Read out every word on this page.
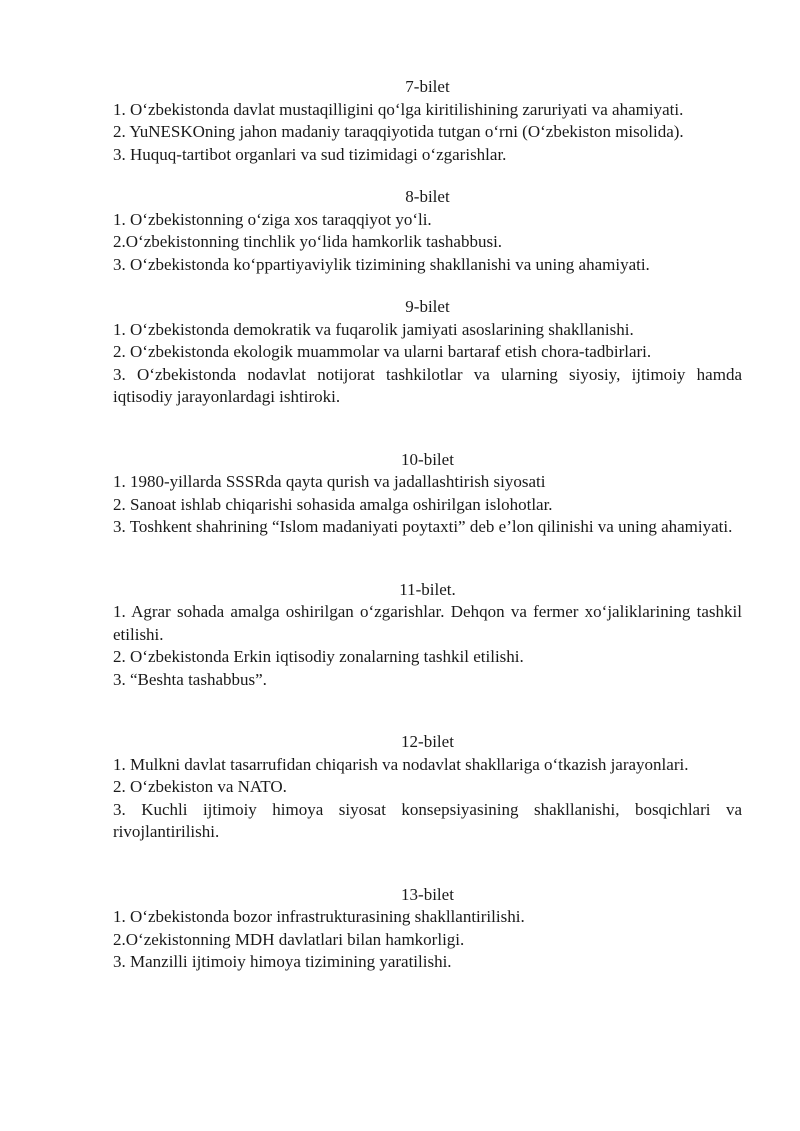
7-bilet

1. O‘zbekistonda davlat mustaqilligini qo‘lga kiritilishining zaruriyati va ahamiyati.

2. YuNESKOning jahon madaniy taraqqiyotida tutgan o‘rni (O‘zbekiston misolida).

3. Huquq-tartibot organlari va sud tizimidagi o‘zgarishlar.

8-bilet

1. O‘zbekistonning o‘ziga xos taraqqiyot yo‘li.

2.O‘zbekistonning tinchlik yo‘lida hamkorlik tashabbusi.

3. O‘zbekistonda ko‘ppartiyaviylik tizimining shakllanishi va uning ahamiyati.

9-bilet

1. O‘zbekistonda demokratik va fuqarolik jamiyati asoslarining shakllanishi.

2. O‘zbekistonda ekologik muammolar va ularni bartaraf etish chora-tadbirlari.

3. O‘zbekistonda nodavlat notijorat tashkilotlar va ularning siyosiy, ijtimoiy hamda iqtisodiy jarayonlardagi ishtiroki.

10-bilet

1. 1980-yillarda SSSRda qayta qurish va jadallashtirish siyosati

2. Sanoat ishlab chiqarishi sohasida amalga oshirilgan islohotlar.

3. Toshkent shahrining “Islom madaniyati poytaxti” deb e’lon qilinishi va uning ahamiyati.

11-bilet.

1. Agrar sohada amalga oshirilgan o‘zgarishlar. Dehqon va fermer xo‘jaliklarining tashkil etilishi.

2. O‘zbekistonda Erkin iqtisodiy zonalarning tashkil etilishi.

3. “Beshta tashabbus”.

12-bilet

1. Mulkni davlat tasarrufidan chiqarish va nodavlat shakllariga o‘tkazish jarayonlari.

2. O‘zbekiston va NATO.

3. Kuchli ijtimoiy himoya siyosat konsepsiyasining shakllanishi, bosqichlari va rivojlantirilishi.

13-bilet

1. O‘zbekistonda bozor infrastrukturasining shakllantirilishi.

2.O‘zekistonning MDH davlatlari bilan hamkorligi.

3. Manzilli ijtimoiy himoya tizimining yaratilishi.
